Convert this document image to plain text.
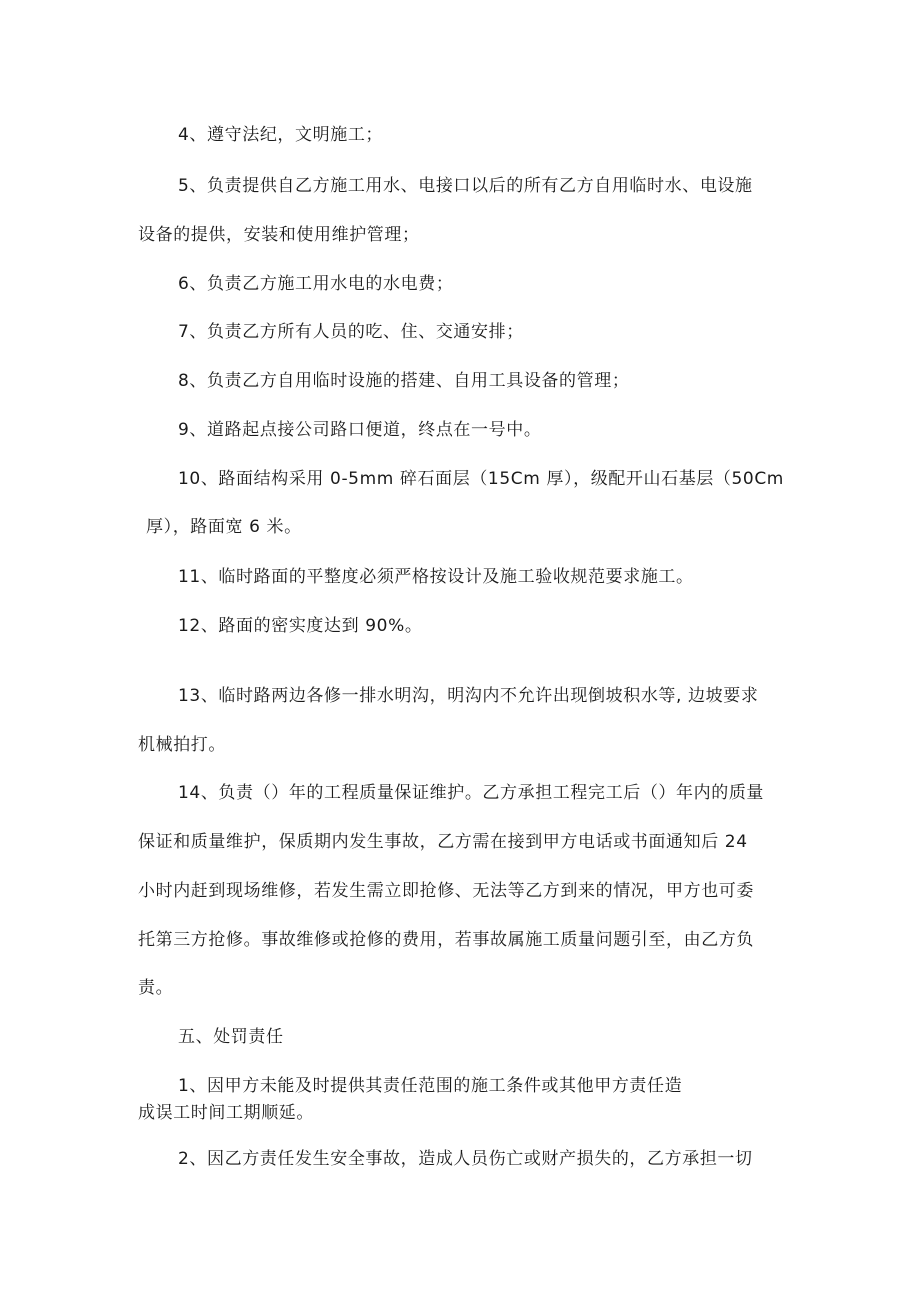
4、遵守法纪，文明施工；
5、负责提供自乙方施工用水、电接口以后的所有乙方自用临时水、电设施
设备的提供，安装和使用维护管理；
6、负责乙方施工用水电的水电费；
7、负责乙方所有人员的吃、住、交通安排；
8、负责乙方自用临时设施的搭建、自用工具设备的管理；
9、道路起点接公司路口便道，终点在一号中。
10、路面结构采用 0-5mm 碎石面层（15Cm 厚），级配开山石基层（50Cm
厚），路面宽 6 米。
11、临时路面的平整度必须严格按设计及施工验收规范要求施工。
12、路面的密实度达到 90%。
13、临时路两边各修一排水明沟，明沟内不允许出现倒坡积水等, 边坡要求
机械拍打。
14、负责（）年的工程质量保证维护。乙方承担工程完工后（）年内的质量
保证和质量维护，保质期内发生事故，乙方需在接到甲方电话或书面通知后 24
小时内赶到现场维修，若发生需立即抢修、无法等乙方到来的情况，甲方也可委
托第三方抢修。事故维修或抢修的费用，若事故属施工质量问题引至，由乙方负
责。
五、处罚责任
1、因甲方未能及时提供其责任范围的施工条件或其他甲方责任造
成误工时间工期顺延。
2、因乙方责任发生安全事故，造成人员伤亡或财产损失的，乙方承担一切
